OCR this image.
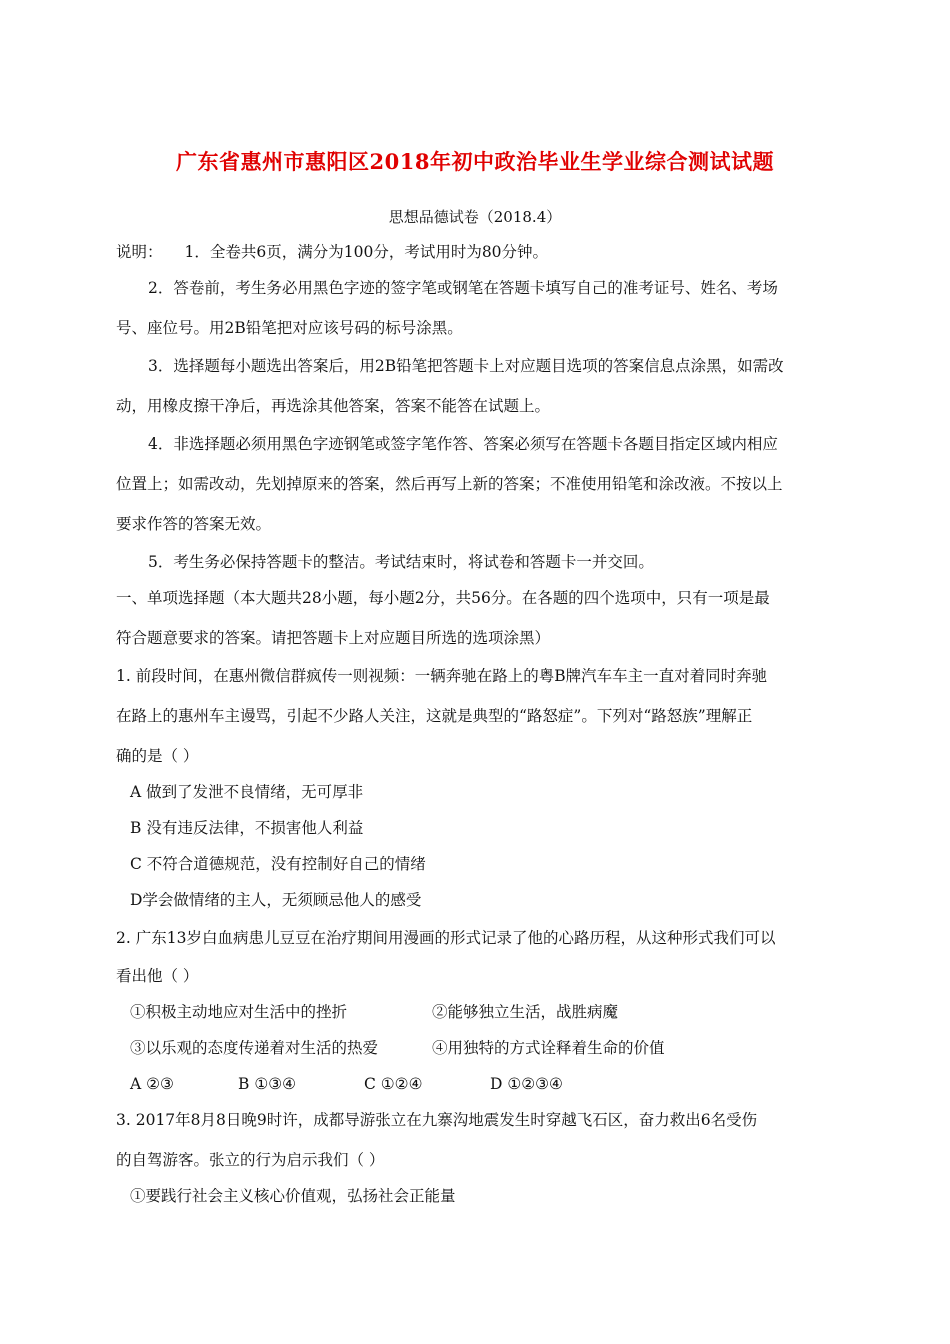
广东省惠州市惠阳区2018年初中政治毕业生学业综合测试试题
思想品德试卷（2018.4）
说明： 1．全卷共6页，满分为100分，考试用时为80分钟。
2．答卷前，考生务必用黑色字迹的签字笔或钢笔在答题卡填写自己的准考证号、姓名、考场
号、座位号。用2B铅笔把对应该号码的标号涂黑。
3．选择题每小题选出答案后，用2B铅笔把答题卡上对应题目选项的答案信息点涂黑，如需改
动，用橡皮擦干净后，再选涂其他答案，答案不能答在试题上。
4．非选择题必须用黑色字迹钢笔或签字笔作答、答案必须写在答题卡各题目指定区域内相应
位置上；如需改动，先划掉原来的答案，然后再写上新的答案；不准使用铅笔和涂改液。不按以上
要求作答的答案无效。
5．考生务必保持答题卡的整洁。考试结束时，将试卷和答题卡一并交回。
一、单项选择题（本大题共28小题，每小题2分，共56分。在各题的四个选项中，只有一项是最
符合题意要求的答案。请把答题卡上对应题目所选的选项涂黑）
1. 前段时间，在惠州微信群疯传一则视频：一辆奔驰在路上的粤B牌汽车车主一直对着同时奔驰
在路上的惠州车主谩骂，引起不少路人关注，这就是典型的“路怒症”。下列对“路怒族”理解正
确的是（ ）
A 做到了发泄不良情绪，无可厚非
B 没有违反法律，不损害他人利益
C 不符合道德规范，没有控制好自己的情绪
D学会做情绪的主人，无须顾忌他人的感受
2. 广东13岁白血病患儿豆豆在治疗期间用漫画的形式记录了他的心路历程，从这种形式我们可以
看出他（ ）
①积极主动地应对生活中的挫折	②能够独立生活，战胜病魔
③以乐观的态度传递着对生活的热爱	④用独特的方式诠释着生命的价值
A ②③	B ①③④	C ①②④	D ①②③④
3. 2017年8月8日晚9时许，成都导游张立在九寨沟地震发生时穿越飞石区，奋力救出6名受伤
的自驾游客。张立的行为启示我们（ ）
①要践行社会主义核心价值观，弘扬社会正能量
